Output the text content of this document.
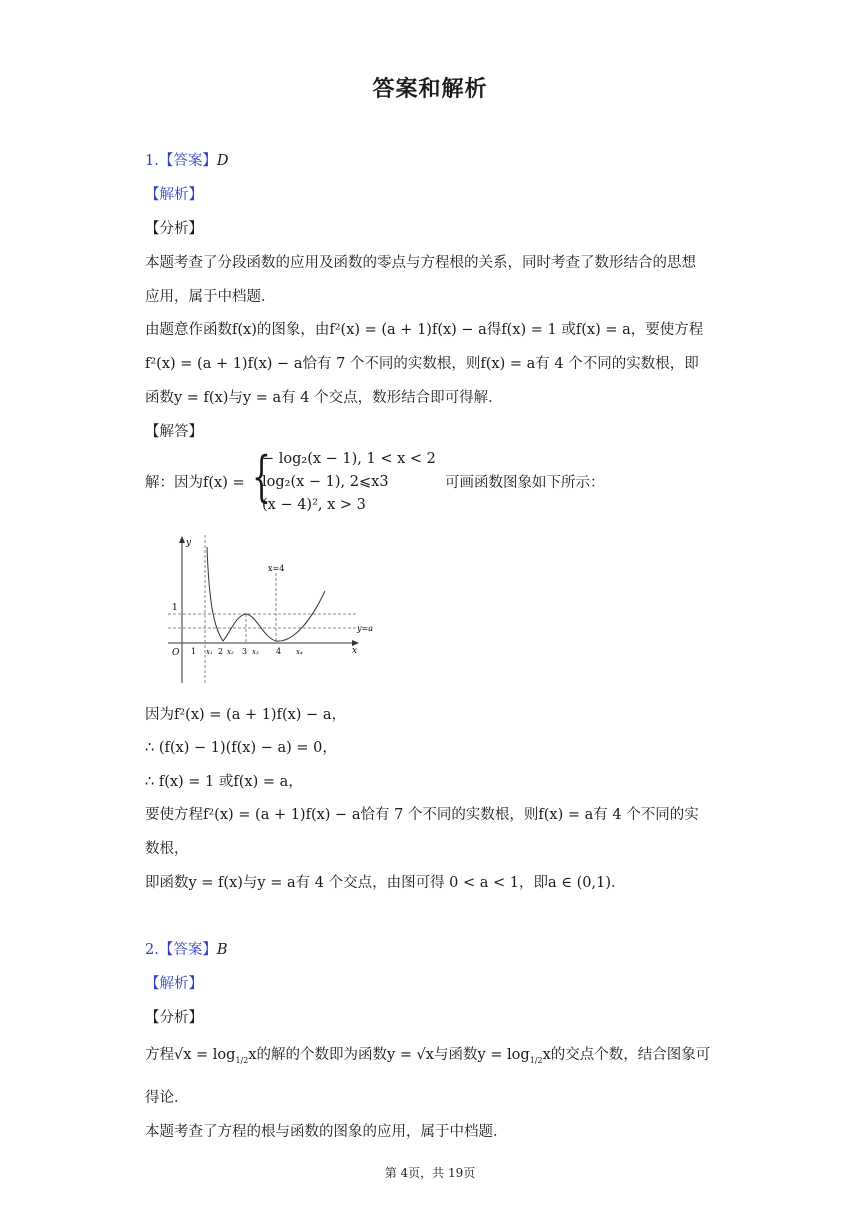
答案和解析
1.【答案】D
【解析】
【分析】
本题考查了分段函数的应用及函数的零点与方程根的关系，同时考查了数形结合的思想
应用，属于中档题．
由题意作函数f(x)的图象，由f²(x) = (a + 1)f(x) − a得f(x) = 1 或f(x) = a，要使方程
f²(x) = (a + 1)f(x) − a恰有 7 个不同的实数根，则f(x) = a有 4 个不同的实数根，即
函数y = f(x)与y = a有 4 个交点，数形结合即可得解．
【解答】
解：因为f(x) = {
− log₂(x − 1), 1 < x < 2
log₂(x − 1), 2⩽x3
(x − 4)², x > 3
可画函数图象如下所示：
y
x
O
1
x=4
y=a
1 x₁ 2 x₂ 3 x₃ 4 x₄
因为f²(x) = (a + 1)f(x) − a，
∴ (f(x) − 1)(f(x) − a) = 0，
∴ f(x) = 1 或f(x) = a，
要使方程f²(x) = (a + 1)f(x) − a恰有 7 个不同的实数根，则f(x) = a有 4 个不同的实
数根，
即函数y = f(x)与y = a有 4 个交点，由图可得 0 < a < 1，即a ∈ (0,1)．
2.【答案】B
【解析】
【分析】
方程$√x = \log_{1/2}x$的解的个数即为函数y = √x与函数$y = \log_{1/2}x$的交点个数，结合图象可
得论．
本题考查了方程的根与函数的图象的应用，属于中档题．
第 4页，共 19页
